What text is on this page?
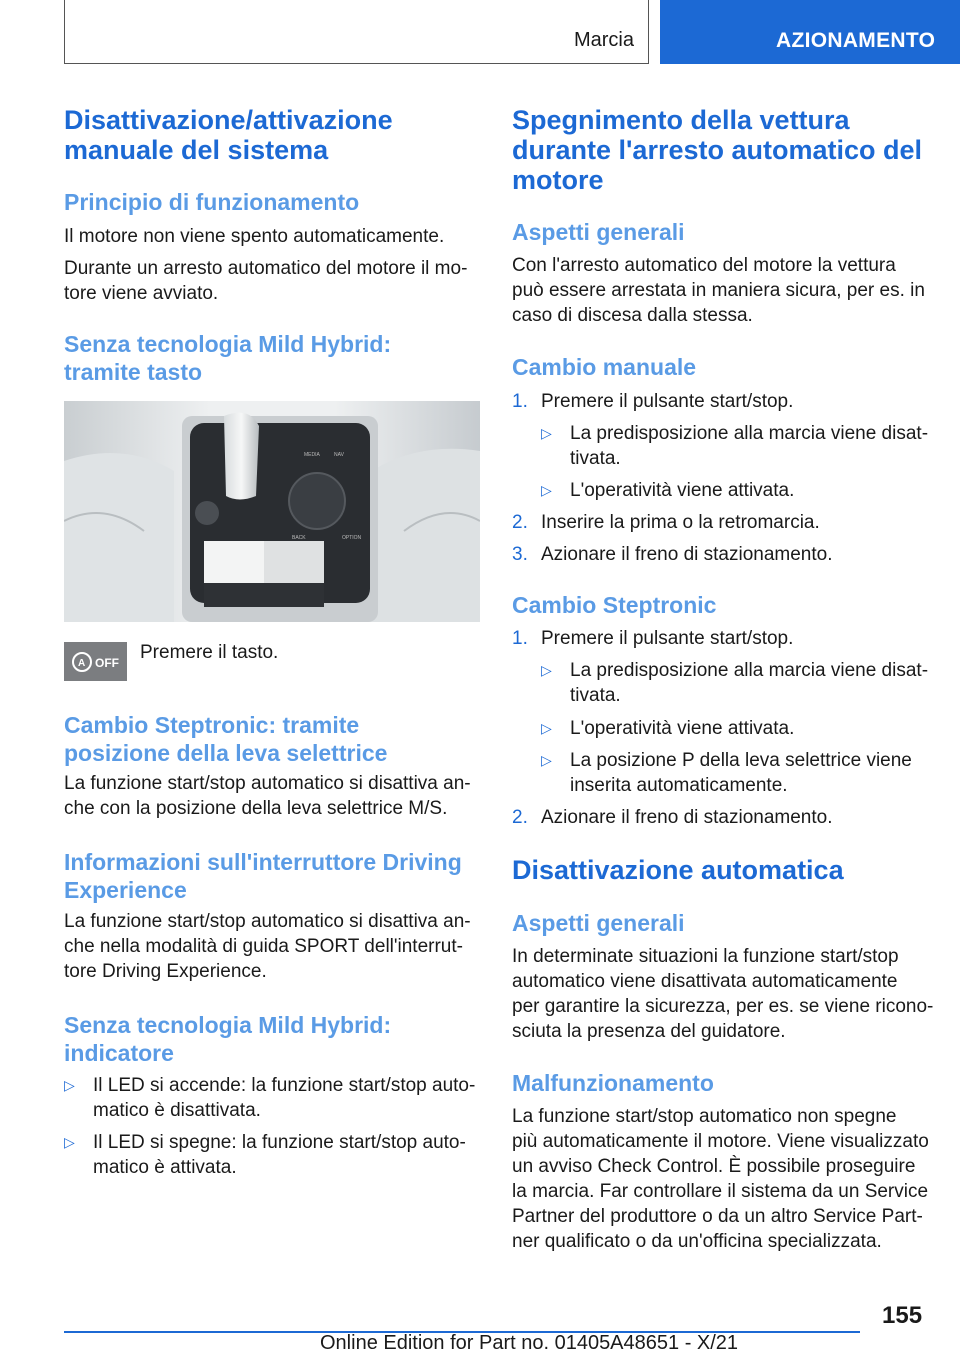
Marcia	AZIONAMENTO
Disattivazione/attivazione
manuale del sistema
Principio di funzionamento
Il motore non viene spento automaticamente.
Durante un arresto automatico del motore il mo-
tore viene avviato.
Senza tecnologia Mild Hybrid:
tramite tasto
MEDIA	NAV
BACK	OPTION
A OFF Premere il tasto.
Cambio Steptronic: tramite
posizione della leva selettrice
La funzione start/stop automatico si disattiva an-
che con la posizione della leva selettrice M/S.
Informazioni sull'interruttore Driving
Experience
La funzione start/stop automatico si disattiva an-
che nella modalità di guida SPORT dell'interrut-
tore Driving Experience.
Senza tecnologia Mild Hybrid:
indicatore
▷ Il LED si accende: la funzione start/stop auto-
matico è disattivata.
▷ Il LED si spegne: la funzione start/stop auto-
matico è attivata.
Spegnimento della vettura
durante l'arresto automatico del
motore
Aspetti generali
Con l'arresto automatico del motore la vettura
può essere arrestata in maniera sicura, per es. in
caso di discesa dalla stessa.
Cambio manuale
1. Premere il pulsante start/stop.
▷ La predisposizione alla marcia viene disat-
tivata.
▷ L'operatività viene attivata.
2. Inserire la prima o la retromarcia.
3. Azionare il freno di stazionamento.
Cambio Steptronic
1. Premere il pulsante start/stop.
▷ La predisposizione alla marcia viene disat-
tivata.
▷ L'operatività viene attivata.
▷ La posizione P della leva selettrice viene
inserita automaticamente.
2. Azionare il freno di stazionamento.
Disattivazione automatica
Aspetti generali
In determinate situazioni la funzione start/stop
automatico viene disattivata automaticamente
per garantire la sicurezza, per es. se viene ricono-
sciuta la presenza del guidatore.
Malfunzionamento
La funzione start/stop automatico non spegne
più automaticamente il motore. Viene visualizzato
un avviso Check Control. È possibile proseguire
la marcia. Far controllare il sistema da un Service
Partner del produttore o da un altro Service Part-
ner qualificato o da un'officina specializzata.
155
Online Edition for Part no. 01405A48651 - X/21
